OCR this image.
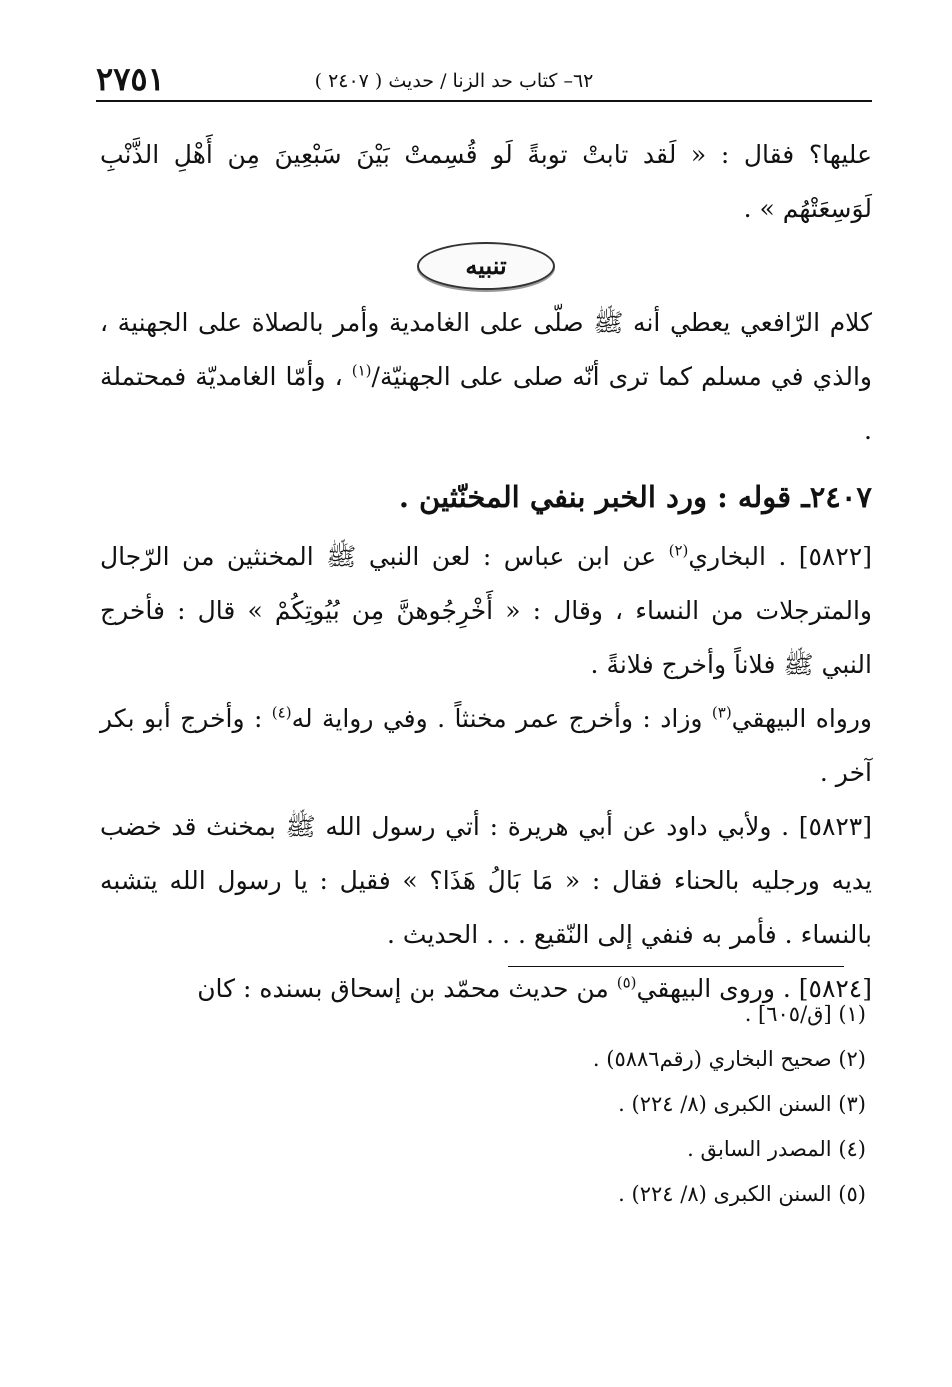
٢٧٥١	٦٢– كتاب حد الزنا / حديث ( ٢٤٠٧ )

عليها؟ فقال : « لَقد تابتْ توبةً لَو قُسِمتْ بَيْنَ سَبْعِينَ مِن أَهْلِ الذَّنْبِ لَوَسِعَتْهُم » .

تنبيه

كلام الرّافعي يعطي أنه ﷺ صلّى على الغامدية وأمر بالصلاة على الجهنية ، والذي في مسلم كما ترى أنّه صلى على الجهنيّة/$^{(١)}$ ، وأمّا الغامديّة فمحتملة .

٢٤٠٧ـ قوله : ورد الخبر بنفي المخنّثين .

[٥٨٢٢] . البخاري$^{(٢)}$ عن ابن عباس : لعن النبي ﷺ المخنثين من الرّجال والمترجلات من النساء ، وقال : « أَخْرِجُوهنَّ مِن بُيُوتِكُمْ » قال : فأخرج النبي ﷺ فلاناً وأخرج فلانةً .

ورواه البيهقي$^{(٣)}$ وزاد : وأخرج عمر مخنثاً . وفي رواية له$^{(٤)}$ : وأخرج أبو بكر آخر .

[٥٨٢٣] . ولأبي داود عن أبي هريرة : أتي رسول الله ﷺ بمخنث قد خضب يديه ورجليه بالحناء فقال : « مَا بَالُ هَذَا؟ » فقيل : يا رسول الله يتشبه بالنساء . فأمر به فنفي إلى النّقيع . . . الحديث .

[٥٨٢٤] . وروى البيهقي$^{(٥)}$ من حديث محمّد بن إسحاق بسنده : كان

(١) [ق/٦٠٥] .
(٢) صحيح البخاري (رقم٥٨٨٦) .
(٣) السنن الكبرى (٨/ ٢٢٤) .
(٤) المصدر السابق .
(٥) السنن الكبرى (٨/ ٢٢٤) .
